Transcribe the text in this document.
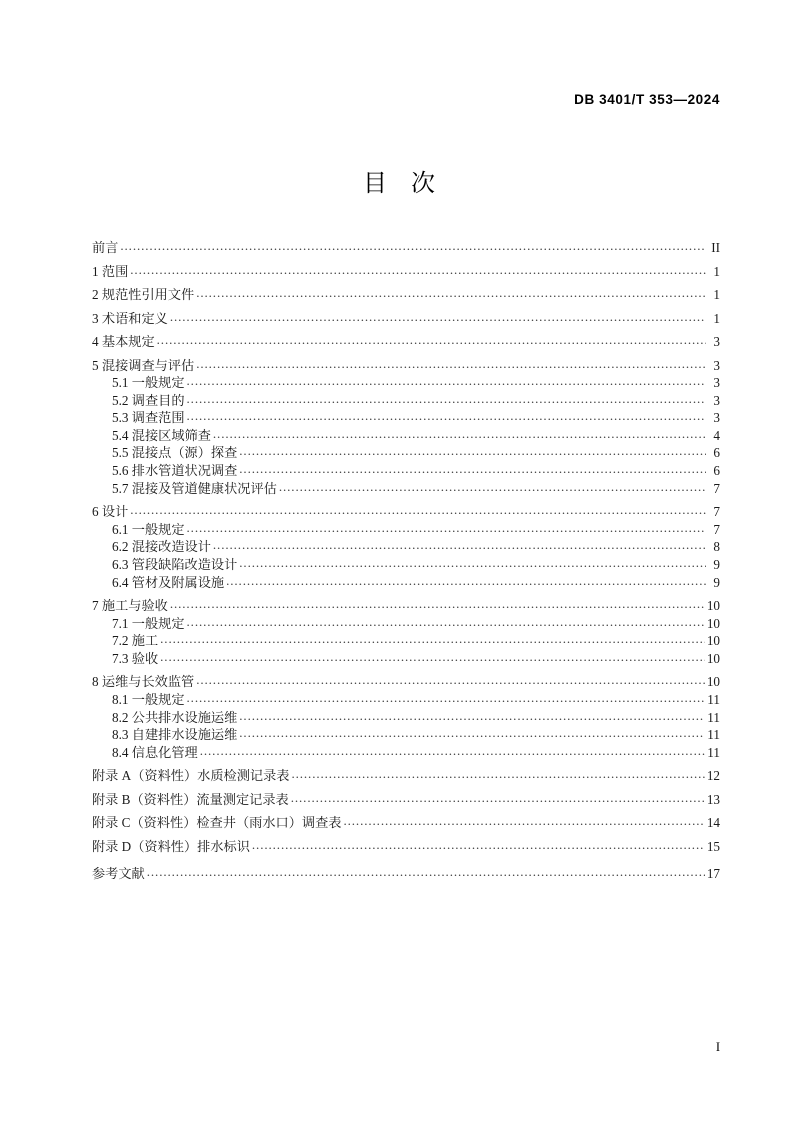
DB 3401/T 353—2024
目 次
前言 .....	II
1 范围 .....	1
2 规范性引用文件 .....	1
3 术语和定义 .....	1
4 基本规定 .....	3
5 混接调查与评估 .....	3
5.1 一般规定 .....	3
5.2 调查目的 .....	3
5.3 调查范围 .....	3
5.4 混接区域筛查 .....	4
5.5 混接点（源）探查 .....	6
5.6 排水管道状况调查 .....	6
5.7 混接及管道健康状况评估 .....	7
6 设计 .....	7
6.1 一般规定 .....	7
6.2 混接改造设计 .....	8
6.3 管段缺陷改造设计 .....	9
6.4 管材及附属设施 .....	9
7 施工与验收 .....	10
7.1 一般规定 .....	10
7.2 施工 .....	10
7.3 验收 .....	10
8 运维与长效监管 .....	10
8.1 一般规定 .....	11
8.2 公共排水设施运维 .....	11
8.3 自建排水设施运维 .....	11
8.4 信息化管理 .....	11
附录 A（资料性）水质检测记录表 .....	12
附录 B（资料性）流量测定记录表 .....	13
附录 C（资料性）检查井（雨水口）调查表 .....	14
附录 D（资料性）排水标识 .....	15
参考文献 .....	17
I
